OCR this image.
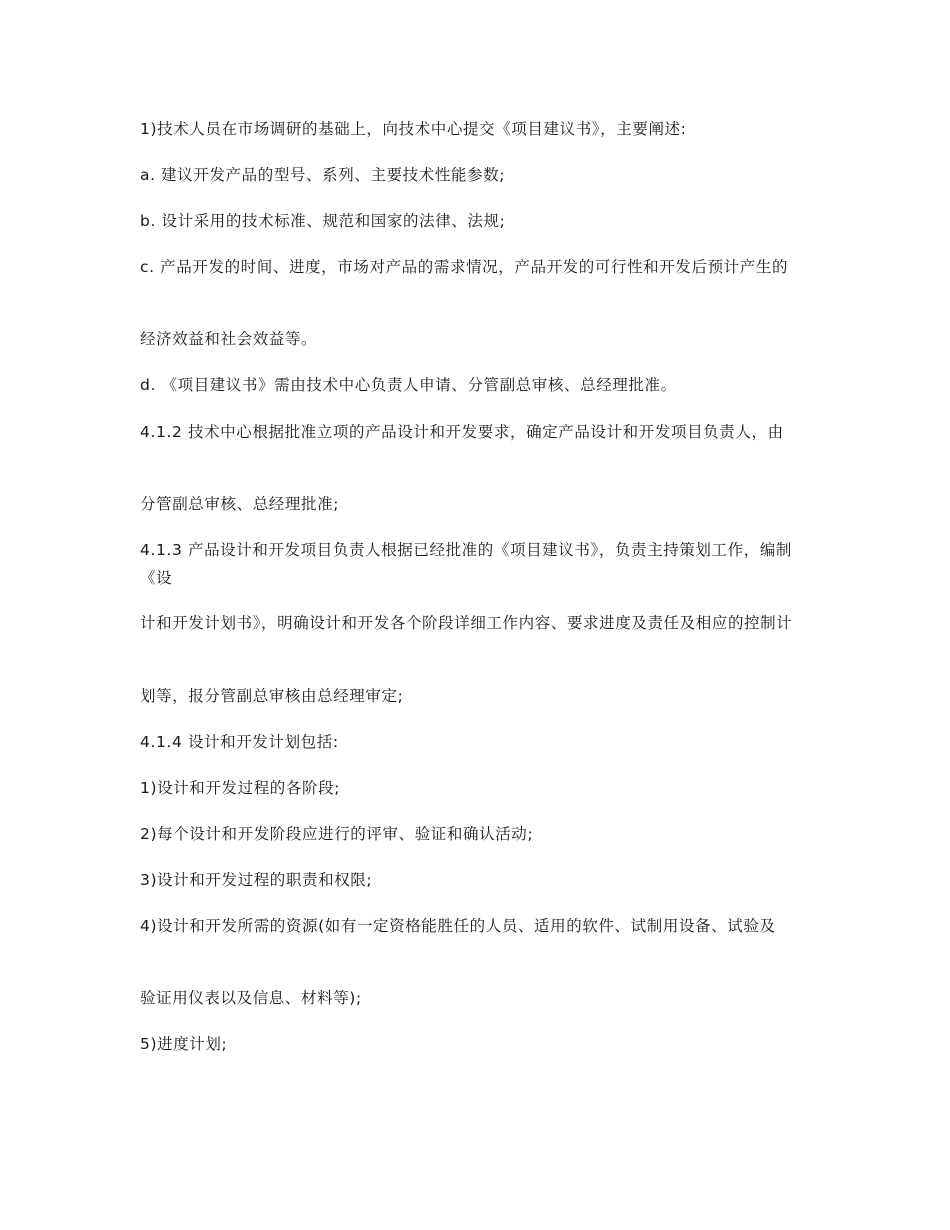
1)技术人员在市场调研的基础上，向技术中心提交《项目建议书》，主要阐述:
a. 建议开发产品的型号、系列、主要技术性能参数;
b. 设计采用的技术标准、规范和国家的法律、法规;
c. 产品开发的时间、进度，市场对产品的需求情况，产品开发的可行性和开发后预计产生的
经济效益和社会效益等。
d. 《项目建议书》需由技术中心负责人申请、分管副总审核、总经理批准。
4.1.2 技术中心根据批准立项的产品设计和开发要求，确定产品设计和开发项目负责人，由
分管副总审核、总经理批准;
4.1.3 产品设计和开发项目负责人根据已经批准的《项目建议书》，负责主持策划工作，编制《设
计和开发计划书》，明确设计和开发各个阶段详细工作内容、要求进度及责任及相应的控制计
划等，报分管副总审核由总经理审定;
4.1.4 设计和开发计划包括:
1)设计和开发过程的各阶段;
2)每个设计和开发阶段应进行的评审、验证和确认活动;
3)设计和开发过程的职责和权限;
4)设计和开发所需的资源(如有一定资格能胜任的人员、适用的软件、试制用设备、试验及
验证用仪表以及信息、材料等);
5)进度计划;
